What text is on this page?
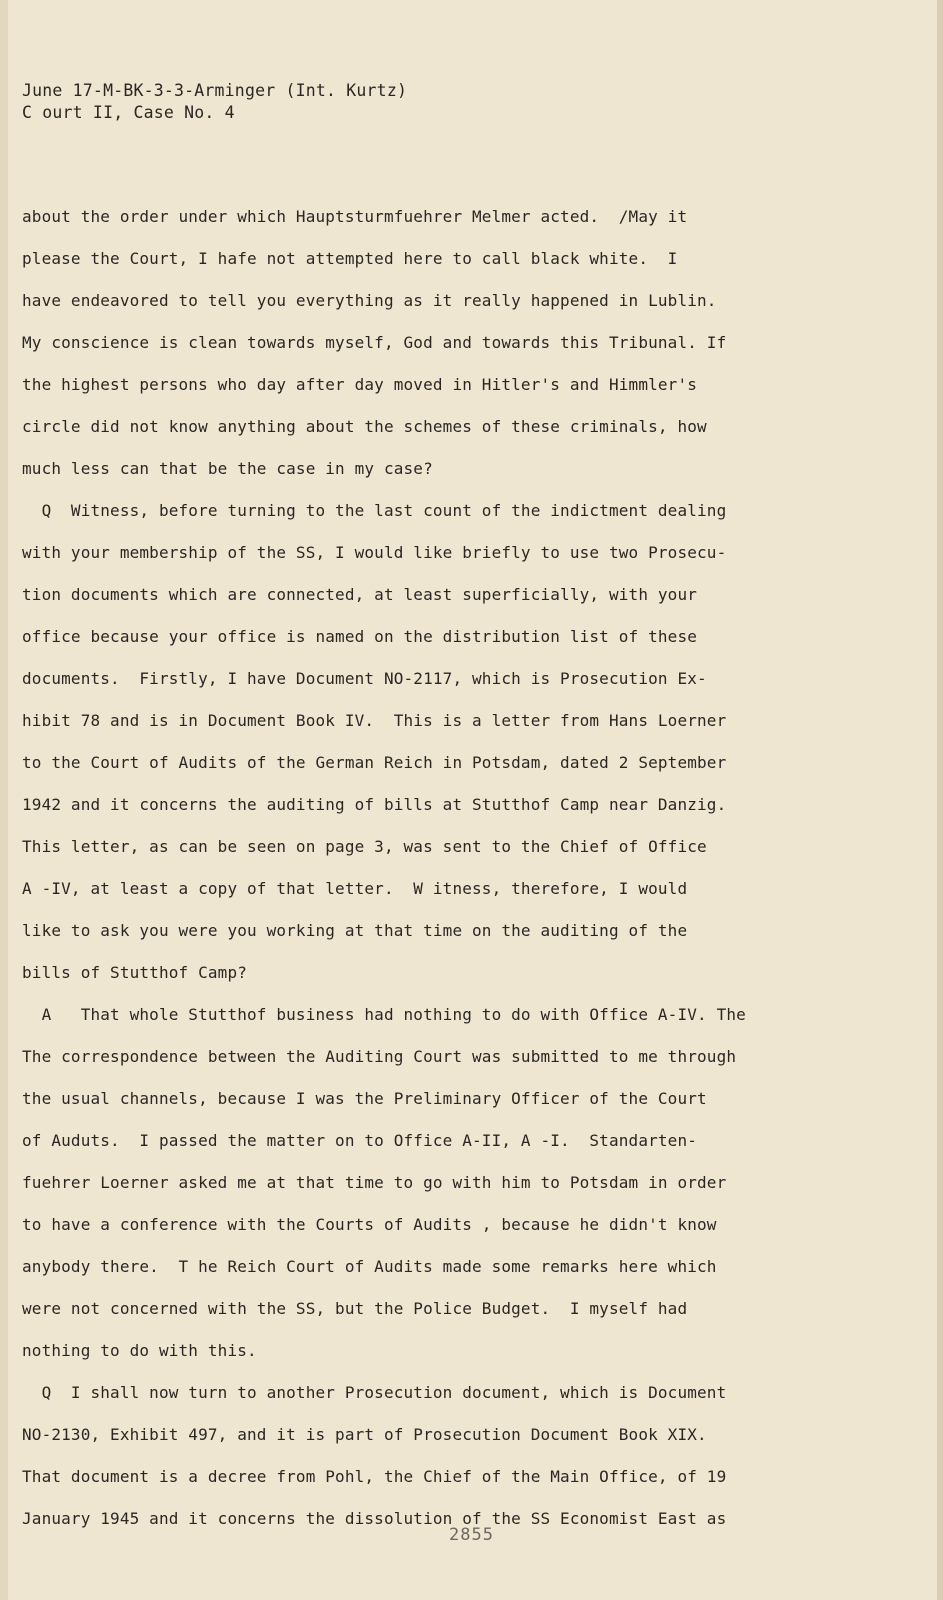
June 17-M-BK-3-3-Arminger (Int. Kurtz)
C ourt II, Case No. 4
about the order under which Hauptsturmfuehrer Melmer acted.  /May it
please the Court, I hafe not attempted here to call black white.  I
have endeavored to tell you everything as it really happened in Lublin.
My conscience is clean towards myself, God and towards this Tribunal. If
the highest persons who day after day moved in Hitler's and Himmler's
circle did not know anything about the schemes of these criminals, how
much less can that be the case in my case?
Q  Witness, before turning to the last count of the indictment dealing
with your membership of the SS, I would like briefly to use two Prosecu-
tion documents which are connected, at least superficially, with your
office because your office is named on the distribution list of these
documents.  Firstly, I have Document NO-2117, which is Prosecution Ex-
hibit 78 and is in Document Book IV.  This is a letter from Hans Loerner
to the Court of Audits of the German Reich in Potsdam, dated 2 September
1942 and it concerns the auditing of bills at Stutthof Camp near Danzig.
This letter, as can be seen on page 3, was sent to the Chief of Office
A -IV, at least a copy of that letter.  W itness, therefore, I would
like to ask you were you working at that time on the auditing of the
bills of Stutthof Camp?
A   That whole Stutthof business had nothing to do with Office A-IV. The
The correspondence between the Auditing Court was submitted to me through
the usual channels, because I was the Preliminary Officer of the Court
of Auduts.  I passed the matter on to Office A-II, A -I.  Standarten-
fuehrer Loerner asked me at that time to go with him to Potsdam in order
to have a conference with the Courts of Audits , because he didn't know
anybody there.  T he Reich Court of Audits made some remarks here which
were not concerned with the SS, but the Police Budget.  I myself had
nothing to do with this.
Q  I shall now turn to another Prosecution document, which is Document
NO-2130, Exhibit 497, and it is part of Prosecution Document Book XIX.
That document is a decree from Pohl, the Chief of the Main Office, of 19
January 1945 and it concerns the dissolution of the SS Economist East as
2855
